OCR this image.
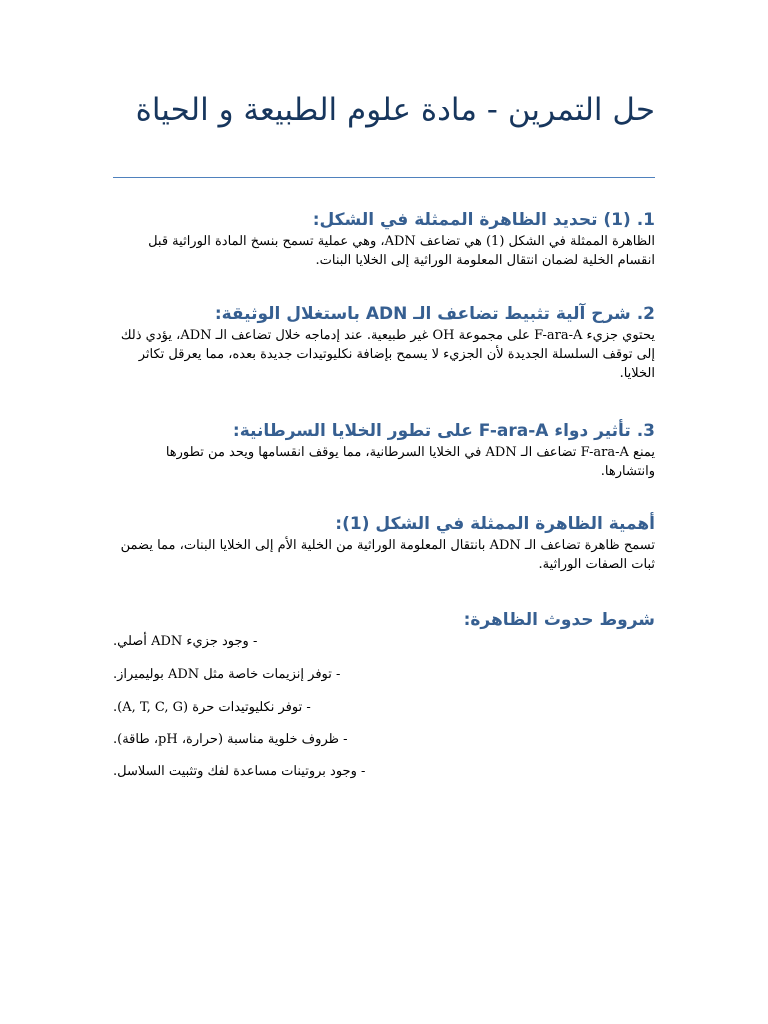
حل التمرين - مادة علوم الطبيعة و الحياة
1. (1) تحديد الظاهرة الممثلة في الشكل:

الظاهرة الممثلة في الشكل (1) هي تضاعف ADN، وهي عملية تسمح بنسخ المادة الوراثية قبل انقسام الخلية لضمان انتقال المعلومة الوراثية إلى الخلايا البنات.

2. شرح آلية تثبيط تضاعف الـ ADN باستغلال الوثيقة:

يحتوي جزيء F-ara-A على مجموعة OH غير طبيعية. عند إدماجه خلال تضاعف الـ ADN، يؤدي ذلك إلى توقف السلسلة الجديدة لأن الجزيء لا يسمح بإضافة نكليوتيدات جديدة بعده، مما يعرقل تكاثر الخلايا.

3. تأثير دواء F-ara-A على تطور الخلايا السرطانية:

يمنع F-ara-A تضاعف الـ ADN في الخلايا السرطانية، مما يوقف انقسامها ويحد من تطورها وانتشارها.

أهمية الظاهرة الممثلة في الشكل (1):

تسمح ظاهرة تضاعف الـ ADN بانتقال المعلومة الوراثية من الخلية الأم إلى الخلايا البنات، مما يضمن ثبات الصفات الوراثية.

شروط حدوث الظاهرة:

- وجود جزيء ADN أصلي.

- توفر إنزيمات خاصة مثل ADN بوليميراز.

- توفر نكليوتيدات حرة (A, T, C, G).

- ظروف خلوية مناسبة (حرارة، pH، طاقة).

- وجود بروتينات مساعدة لفك وتثبيت السلاسل.
